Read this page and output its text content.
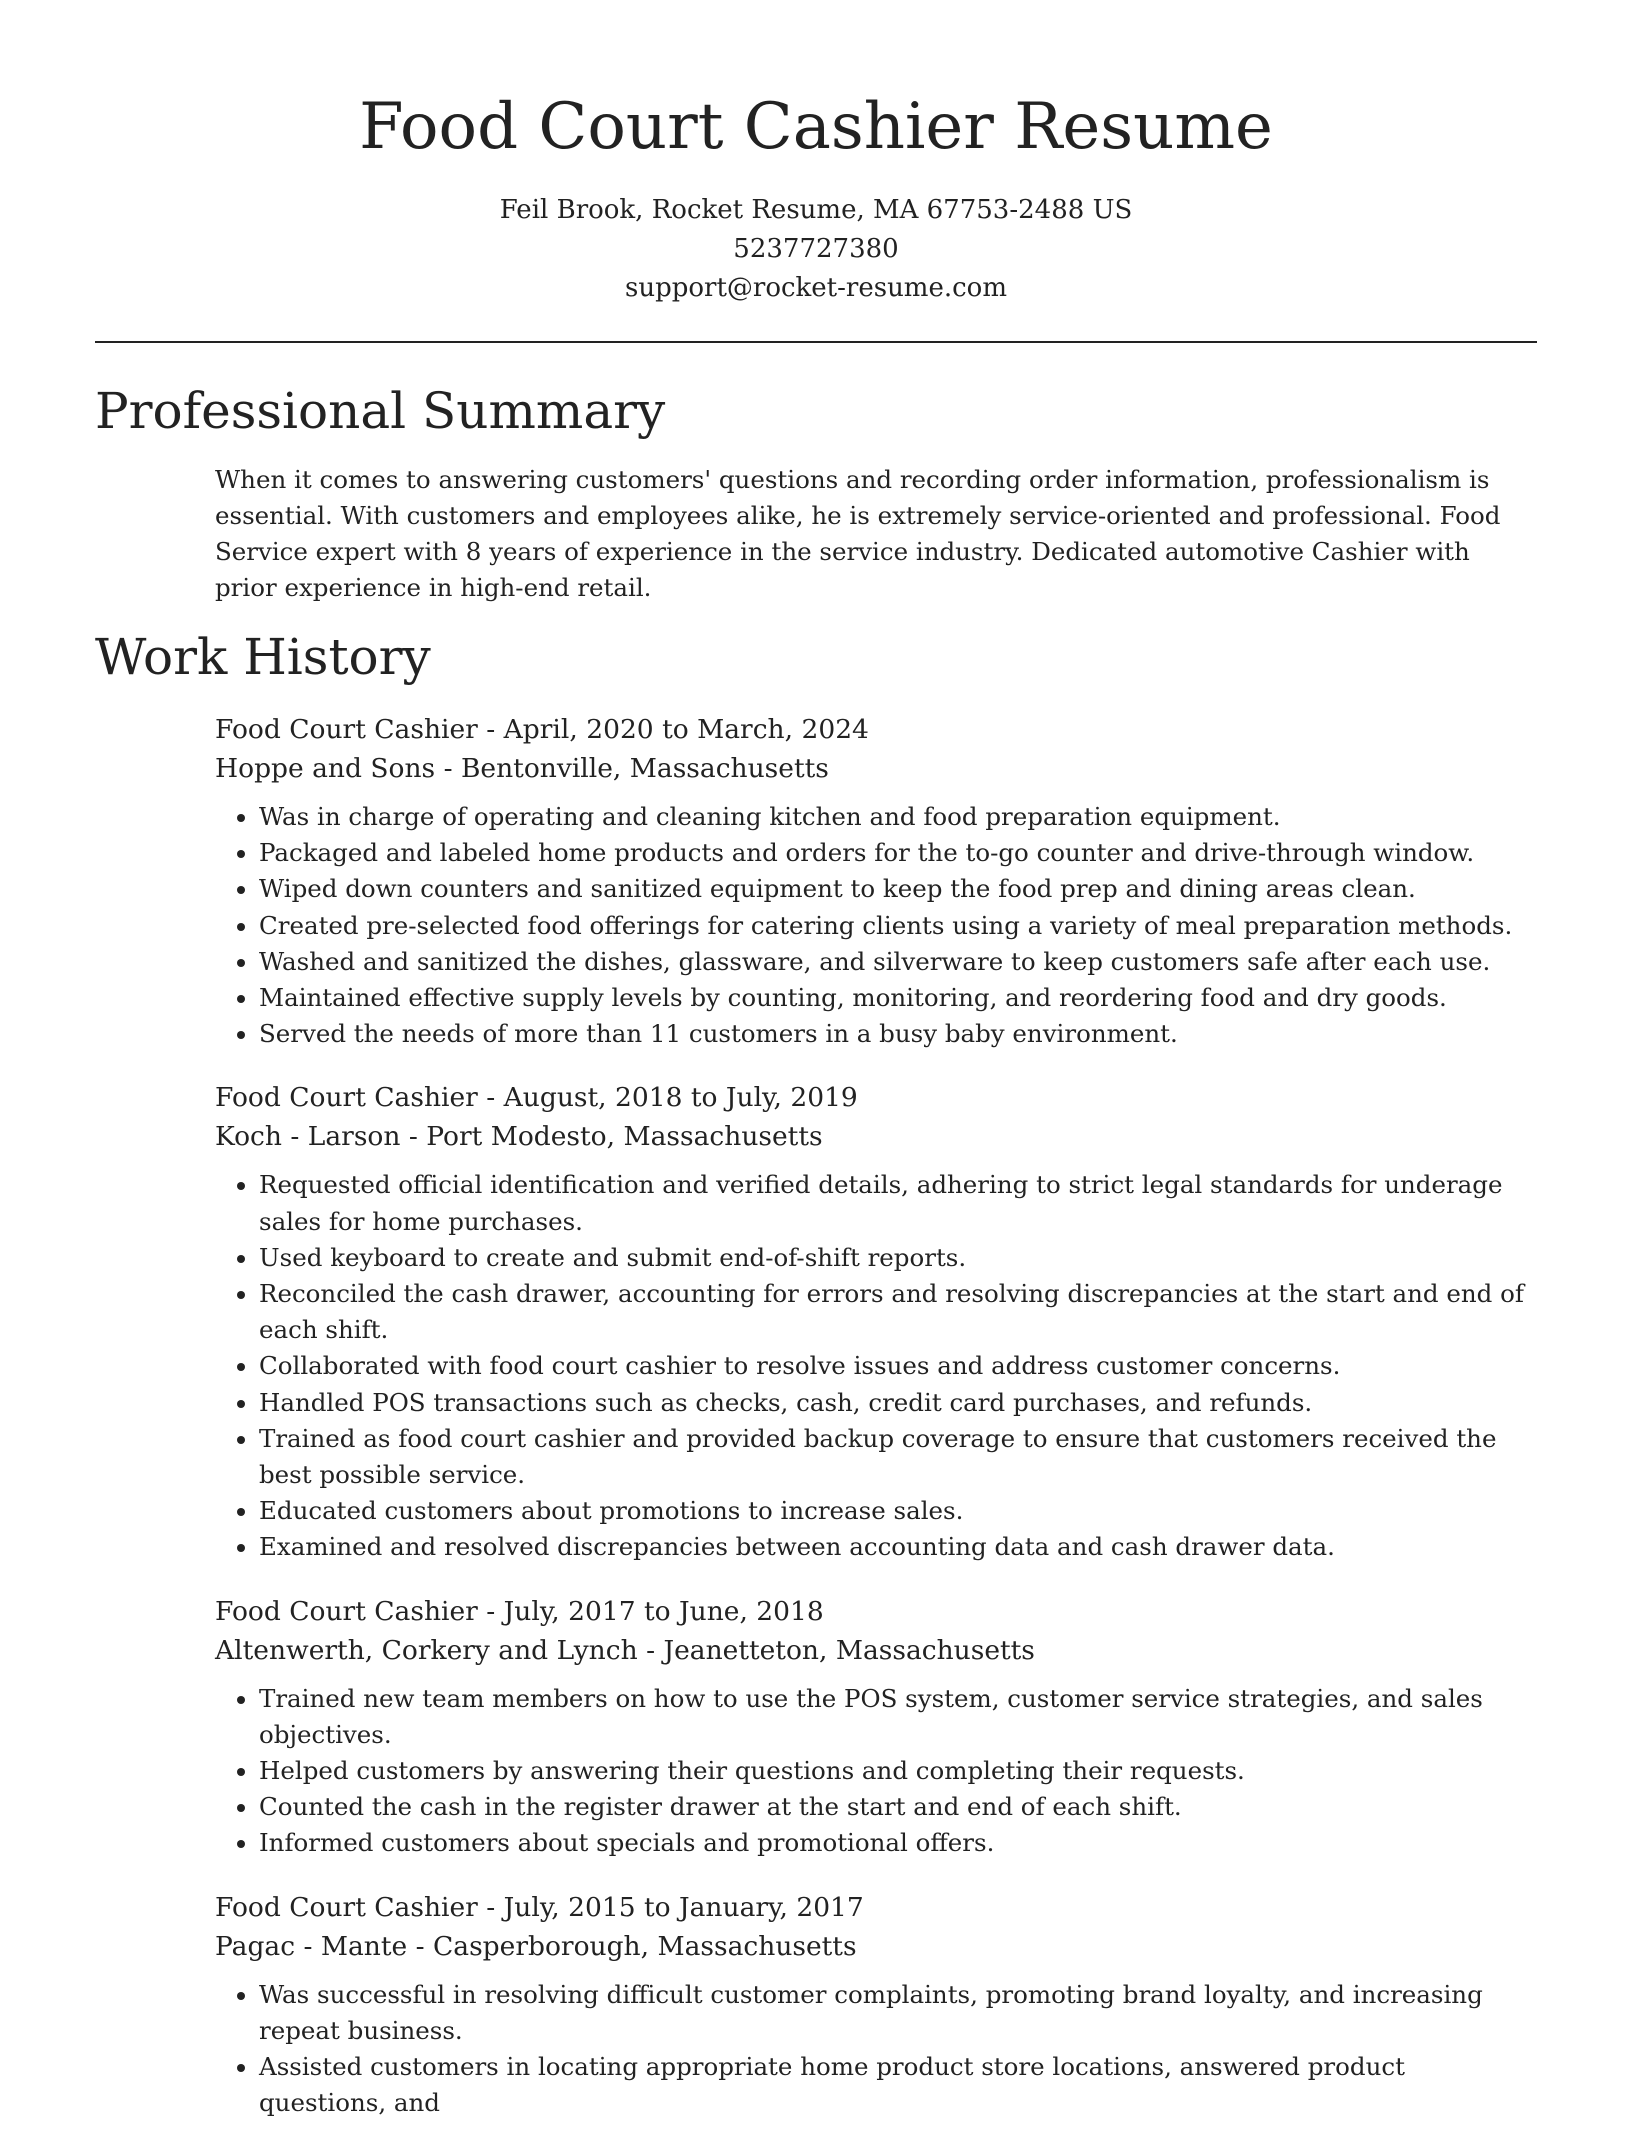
Food Court Cashier Resume
Feil Brook, Rocket Resume, MA 67753-2488 US
5237727380
support@rocket-resume.com
Professional Summary

When it comes to answering customers' questions and recording order information, professionalism is essential. With customers and employees alike, he is extremely service-oriented and professional. Food Service expert with 8 years of experience in the service industry. Dedicated automotive Cashier with prior experience in high-end retail.

Work History

Food Court Cashier - April, 2020 to March, 2024

Hoppe and Sons - Bentonville, Massachusetts

• Was in charge of operating and cleaning kitchen and food preparation equipment.
• Packaged and labeled home products and orders for the to-go counter and drive-through window.
• Wiped down counters and sanitized equipment to keep the food prep and dining areas clean.
• Created pre-selected food offerings for catering clients using a variety of meal preparation methods.
• Washed and sanitized the dishes, glassware, and silverware to keep customers safe after each use.
• Maintained effective supply levels by counting, monitoring, and reordering food and dry goods.
• Served the needs of more than 11 customers in a busy baby environment.

Food Court Cashier - August, 2018 to July, 2019

Koch - Larson - Port Modesto, Massachusetts

• Requested official identification and verified details, adhering to strict legal standards for underage sales for home purchases.
• Used keyboard to create and submit end-of-shift reports.
• Reconciled the cash drawer, accounting for errors and resolving discrepancies at the start and end of each shift.
• Collaborated with food court cashier to resolve issues and address customer concerns.
• Handled POS transactions such as checks, cash, credit card purchases, and refunds.
• Trained as food court cashier and provided backup coverage to ensure that customers received the best possible service.
• Educated customers about promotions to increase sales.
• Examined and resolved discrepancies between accounting data and cash drawer data.

Food Court Cashier - July, 2017 to June, 2018

Altenwerth, Corkery and Lynch - Jeanetteton, Massachusetts

• Trained new team members on how to use the POS system, customer service strategies, and sales objectives.
• Helped customers by answering their questions and completing their requests.
• Counted the cash in the register drawer at the start and end of each shift.
• Informed customers about specials and promotional offers.

Food Court Cashier - July, 2015 to January, 2017

Pagac - Mante - Casperborough, Massachusetts

• Was successful in resolving difficult customer complaints, promoting brand loyalty, and increasing repeat business.
• Assisted customers in locating appropriate home product store locations, answered product questions, and
